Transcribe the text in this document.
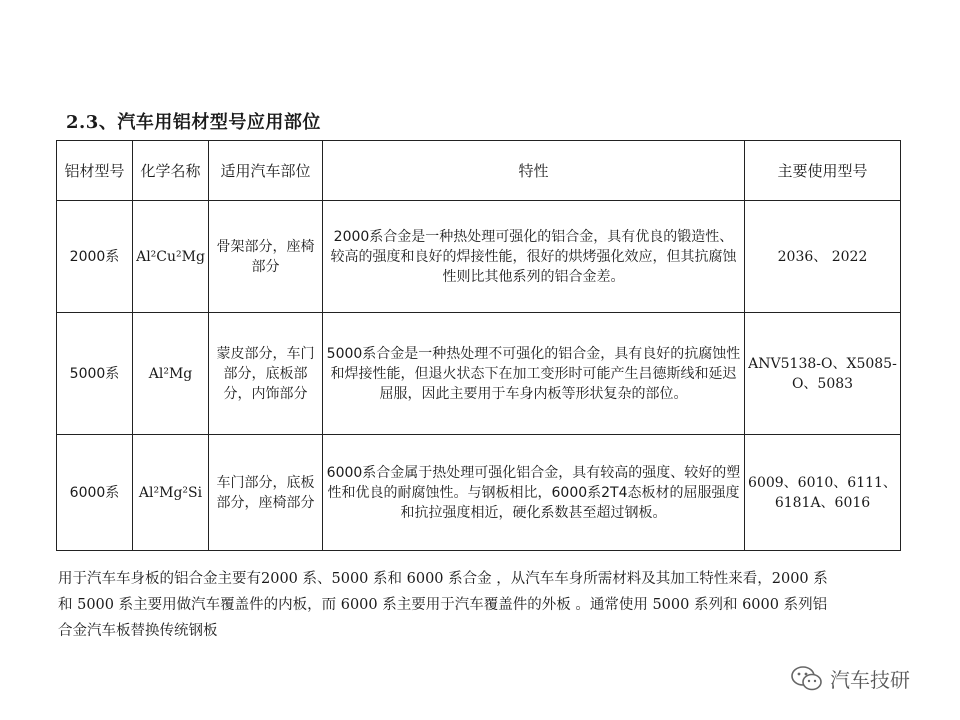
2.3、汽车用铝材型号应用部位
铝材型号	化学名称	适用汽车部位	特性	主要使用型号
2000系	Al²Cu²Mg	骨架部分，座椅部分	2000系合金是一种热处理可强化的铝合金，具有优良的锻造性、 较高的强度和良好的焊接性能，很好的烘烤强化效应，但其抗腐蚀性则比其他系列的铝合金差。	2036、 2022
5000系	Al²Mg	蒙皮部分，车门部分，底板部分，内饰部分	5000系合金是一种热处理不可强化的铝合金，具有良好的抗腐蚀性和焊接性能，但退火状态下在加工变形时可能产生吕德斯线和延迟屈服，因此主要用于车身内板等形状复杂的部位。	ANV5138-O、X5085-O、5083
6000系	Al²Mg²Si	车门部分，底板部分，座椅部分	6000系合金属于热处理可强化铝合金，具有较高的强度、较好的塑性和优良的耐腐蚀性。与钢板相比，6000系2T4态板材的屈服强度和抗拉强度相近，硬化系数甚至超过钢板。	6009、6010、6111、6181A、6016
用于汽车车身板的铝合金主要有2000 系、5000 系和 6000 系合金 ，从汽车车身所需材料及其加工特性来看，2000 系
和 5000 系主要用做汽车覆盖件的内板，而 6000 系主要用于汽车覆盖件的外板 。通常使用 5000 系列和 6000 系列铝
合金汽车板替换传统钢板
汽车技研
